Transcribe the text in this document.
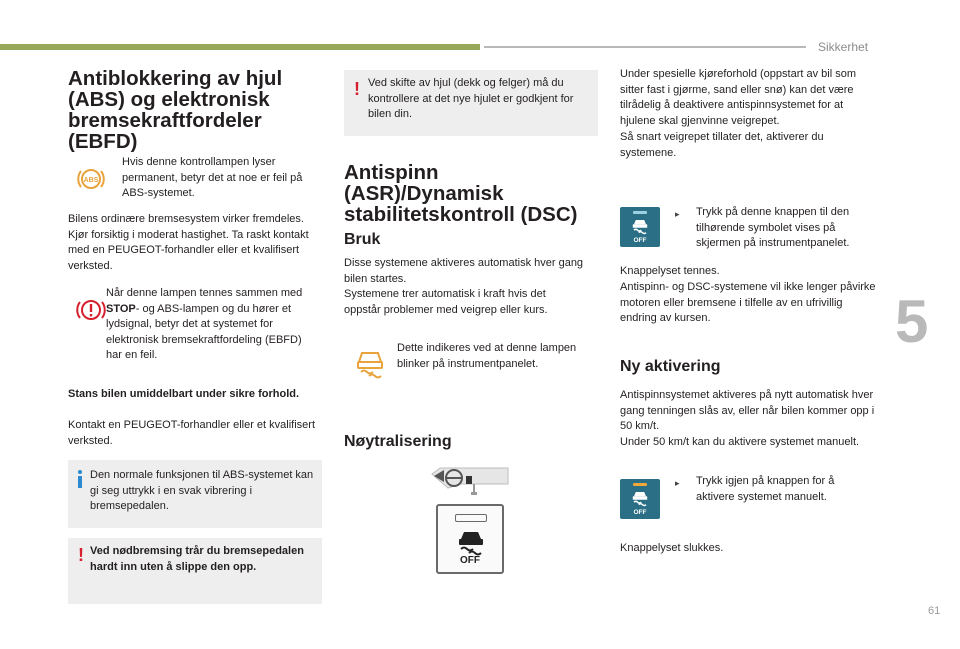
Sikkerhet
5
61
Antiblokkering av hjul (ABS) og elektronisk bremsekraftfordeler (EBFD)
ABS

Hvis denne kontrollampen lyser permanent, betyr det at noe er feil på ABS-systemet.

Bilens ordinære bremsesystem virker fremdeles. Kjør forsiktig i moderat hastighet. Ta raskt kontakt med en PEUGEOT-forhandler eller et kvalifisert verksted.

Når denne lampen tennes sammen med STOP- og ABS-lampen og du hører et lydsignal, betyr det at systemet for elektronisk bremsekraftfordeling (EBFD) har en feil.

Stans bilen umiddelbart under sikre forhold.

Kontakt en PEUGEOT-forhandler eller et kvalifisert verksted.

Den normale funksjonen til ABS-systemet kan gi seg uttrykk i en svak vibrering i bremsepedalen.

! Ved nødbremsing trår du bremsepedalen hardt inn uten å slippe den opp.

! Ved skifte av hjul (dekk og felger) må du kontrollere at det nye hjulet er godkjent for bilen din.

Antispinn (ASR)/Dynamisk stabilitetskontroll (DSC)
Bruk

Disse systemene aktiveres automatisk hver gang bilen startes.

Systemene trer automatisk i kraft hvis det oppstår problemer med veigrep eller kurs.

Dette indikeres ved at denne lampen blinker på instrumentpanelet.

Nøytralisering
OFF

Under spesielle kjøreforhold (oppstart av bil som sitter fast i gjørme, sand eller snø) kan det være tilrådelig å deaktivere antispinnsystemet for at hjulene skal gjenvinne veigrepet.

Så snart veigrepet tillater det, aktiverer du systemene.

OFF
▸ Trykk på denne knappen til den tilhørende symbolet vises på skjermen på instrumentpanelet.

Knappelyset tennes.

Antispinn- og DSC-systemene vil ikke lenger påvirke motoren eller bremsene i tilfelle av en ufrivillig endring av kursen.

Ny aktivering

Antispinnsystemet aktiveres på nytt automatisk hver gang tenningen slås av, eller når bilen kommer opp i 50 km/t.

Under 50 km/t kan du aktivere systemet manuelt.

OFF
▸ Trykk igjen på knappen for å aktivere systemet manuelt.

Knappelyset slukkes.
